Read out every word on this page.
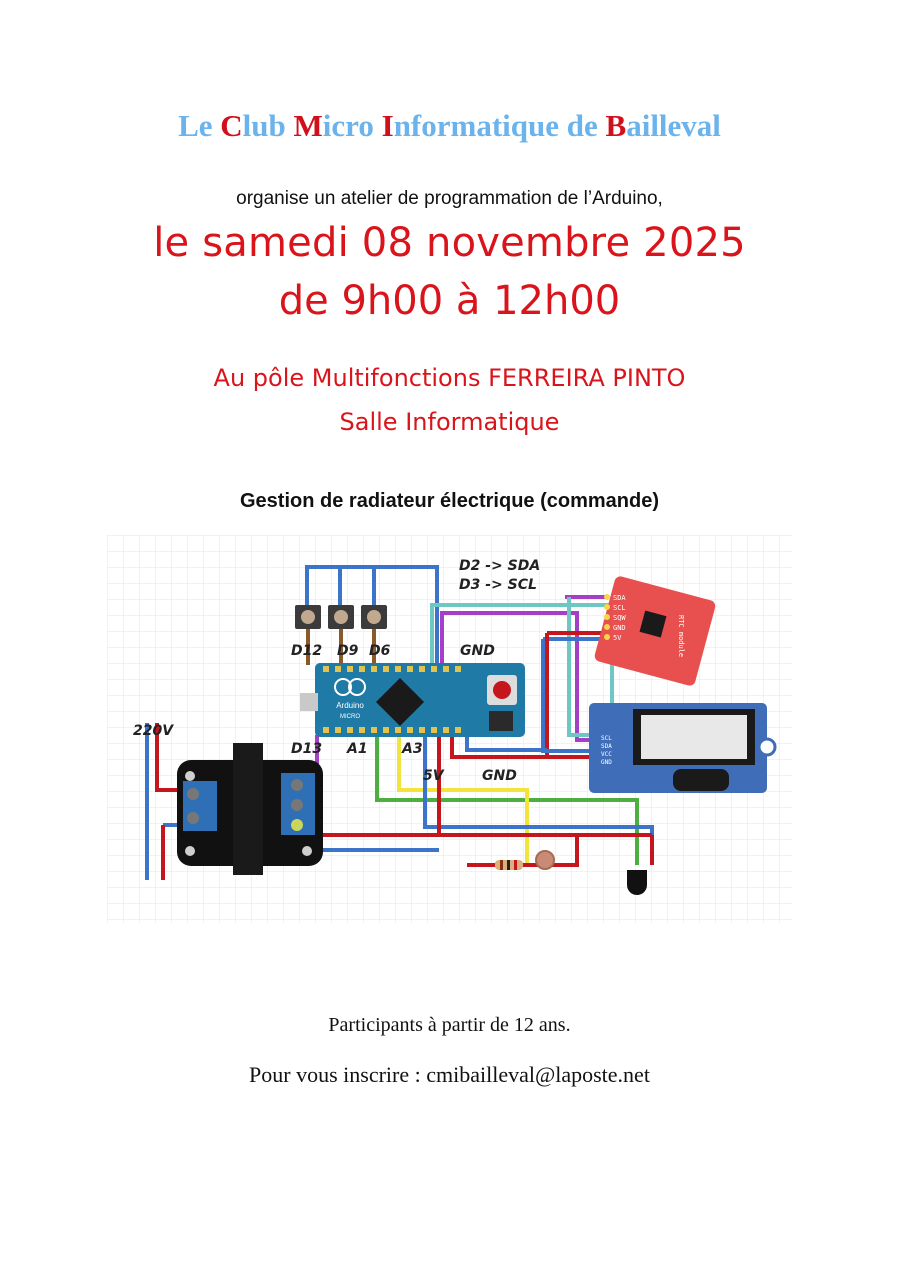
Le Club Micro Informatique de Bailleval
organise un atelier de programmation de l’Arduino,
le samedi 08 novembre 2025
de 9h00 à 12h00
Au pôle Multifonctions FERREIRA PINTO
Salle Informatique
Gestion de radiateur électrique (commande)
Arduino
MICRO
SDA
SCL
SQW
GND
5V	RTC module
SCL
SDA
VCC
GND
D2 -> SDA
D3 -> SCL
D12 D9 D6	GND
220V
D13 A1 A3
5V	GND
Participants à partir de 12 ans.
Pour vous inscrire : cmibailleval@laposte.net
